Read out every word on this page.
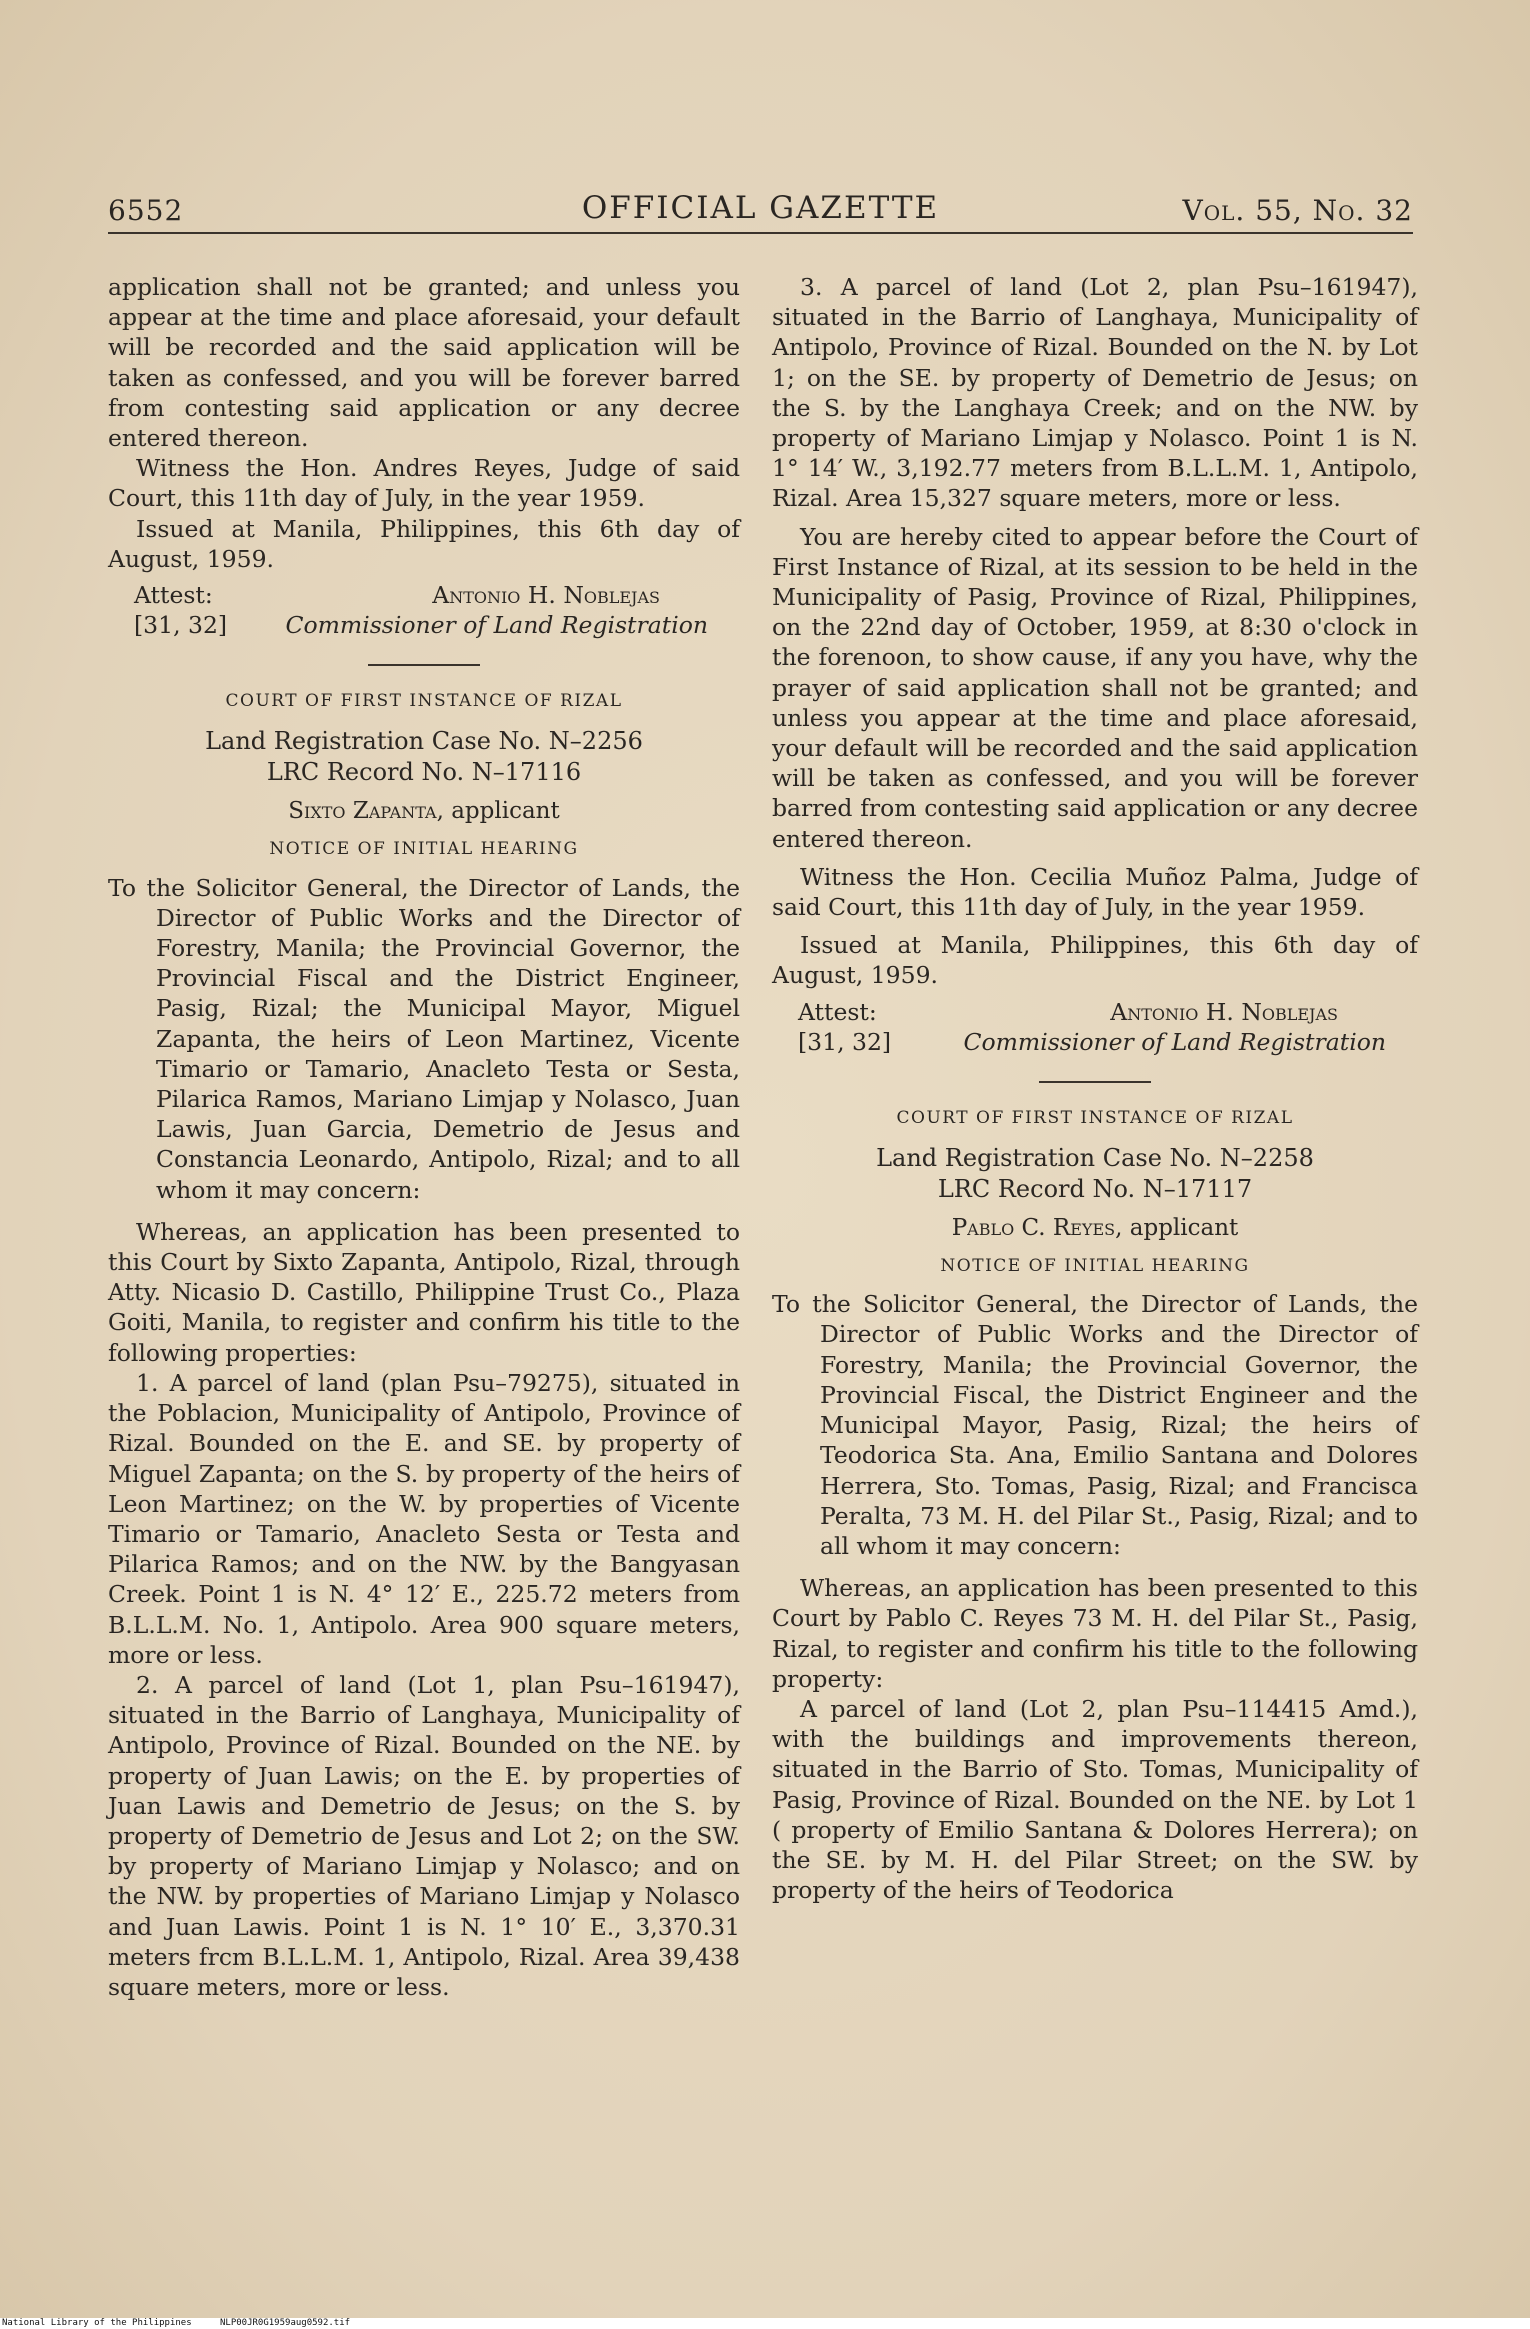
6552	OFFICIAL GAZETTE	Vol. 55, No. 32

application shall not be granted; and unless you appear at the time and place aforesaid, your default will be recorded and the said application will be taken as confessed, and you will be forever barred from contesting said application or any decree entered thereon.

Witness the Hon. Andres Reyes, Judge of said Court, this 11th day of July, in the year 1959.

Issued at Manila, Philippines, this 6th day of August, 1959.

Attest:
[31, 32]
Antonio H. Noblejas
Commissioner of Land Registration
COURT OF FIRST INSTANCE OF RIZAL
Land Registration Case No. N–2256
LRC Record No. N–17116
Sixto Zapanta, applicant
NOTICE OF INITIAL HEARING

To the Solicitor General, the Director of Lands, the Director of Public Works and the Director of Forestry, Manila; the Provincial Governor, the Provincial Fiscal and the District Engineer, Pasig, Rizal; the Municipal Mayor, Miguel Zapanta, the heirs of Leon Martinez, Vicente Timario or Tamario, Anacleto Testa or Sesta, Pilarica Ramos, Mariano Limjap y Nolasco, Juan Lawis, Juan Garcia, Demetrio de Jesus and Constancia Leonardo, Antipolo, Rizal; and to all whom it may concern:

Whereas, an application has been presented to this Court by Sixto Zapanta, Antipolo, Rizal, through Atty. Nicasio D. Castillo, Philippine Trust Co., Plaza Goiti, Manila, to register and confirm his title to the following properties:

1. A parcel of land (plan Psu–79275), situated in the Poblacion, Municipality of Antipolo, Province of Rizal. Bounded on the E. and SE. by property of Miguel Zapanta; on the S. by property of the heirs of Leon Martinez; on the W. by properties of Vicente Timario or Tamario, Anacleto Sesta or Testa and Pilarica Ramos; and on the NW. by the Bangyasan Creek. Point 1 is N. 4° 12′ E., 225.72 meters from B.L.L.M. No. 1, Antipolo. Area 900 square meters, more or less.

2. A parcel of land (Lot 1, plan Psu–161947), situated in the Barrio of Langhaya, Municipality of Antipolo, Province of Rizal. Bounded on the NE. by property of Juan Lawis; on the E. by properties of Juan Lawis and Demetrio de Jesus; on the S. by property of Demetrio de Jesus and Lot 2; on the SW. by property of Mariano Limjap y Nolasco; and on the NW. by properties of Mariano Limjap y Nolasco and Juan Lawis. Point 1 is N. 1° 10′ E., 3,370.31 meters frcm B.L.L.M. 1, Antipolo, Rizal. Area 39,438 square meters, more or less.

3. A parcel of land (Lot 2, plan Psu–161947), situated in the Barrio of Langhaya, Municipality of Antipolo, Province of Rizal. Bounded on the N. by Lot 1; on the SE. by property of Demetrio de Jesus; on the S. by the Langhaya Creek; and on the NW. by property of Mariano Limjap y Nolasco. Point 1 is N. 1° 14′ W., 3,192.77 meters from B.L.L.M. 1, Antipolo, Rizal. Area 15,327 square meters, more or less.

You are hereby cited to appear before the Court of First Instance of Rizal, at its session to be held in the Municipality of Pasig, Province of Rizal, Philippines, on the 22nd day of October, 1959, at 8:30 o'clock in the forenoon, to show cause, if any you have, why the prayer of said application shall not be granted; and unless you appear at the time and place aforesaid, your default will be recorded and the said application will be taken as confessed, and you will be forever barred from contesting said application or any decree entered thereon.

Witness the Hon. Cecilia Muñoz Palma, Judge of said Court, this 11th day of July, in the year 1959.

Issued at Manila, Philippines, this 6th day of August, 1959.

Attest:
[31, 32]
Antonio H. Noblejas
Commissioner of Land Registration
COURT OF FIRST INSTANCE OF RIZAL
Land Registration Case No. N–2258
LRC Record No. N–17117
Pablo C. Reyes, applicant
NOTICE OF INITIAL HEARING

To the Solicitor General, the Director of Lands, the Director of Public Works and the Director of Forestry, Manila; the Provincial Governor, the Provincial Fiscal, the District Engineer and the Municipal Mayor, Pasig, Rizal; the heirs of Teodorica Sta. Ana, Emilio Santana and Dolores Herrera, Sto. Tomas, Pasig, Rizal; and Francisca Peralta, 73 M. H. del Pilar St., Pasig, Rizal; and to all whom it may concern:

Whereas, an application has been presented to this Court by Pablo C. Reyes 73 M. H. del Pilar St., Pasig, Rizal, to register and confirm his title to the following property:

A parcel of land (Lot 2, plan Psu–114415 Amd.), with the buildings and improvements thereon, situated in the Barrio of Sto. Tomas, Municipality of Pasig, Province of Rizal. Bounded on the NE. by Lot 1 ( property of Emilio Santana & Dolores Herrera); on the SE. by M. H. del Pilar Street; on the SW. by property of the heirs of Teodorica

National Library of the Philippines	NLP00JR0G1959aug0592.tif
